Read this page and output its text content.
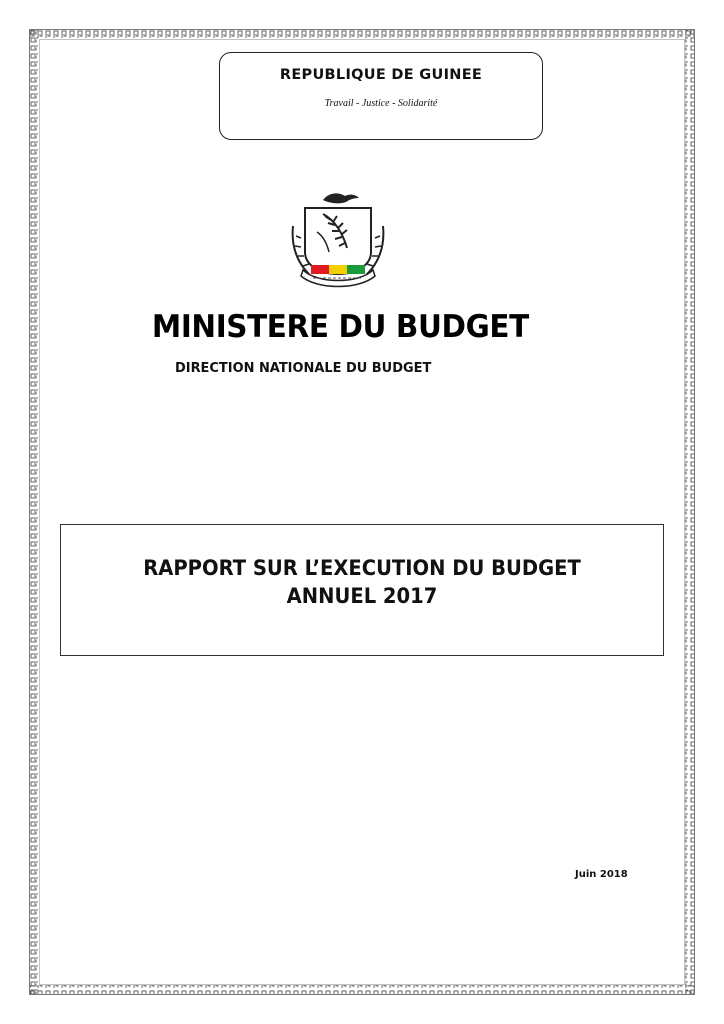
REPUBLIQUE DE GUINEE
Travail - Justice - Solidarité
MINISTERE DU BUDGET
DIRECTION NATIONALE DU BUDGET
RAPPORT SUR L’EXECUTION DU BUDGET
ANNUEL 2017
Juin 2018
